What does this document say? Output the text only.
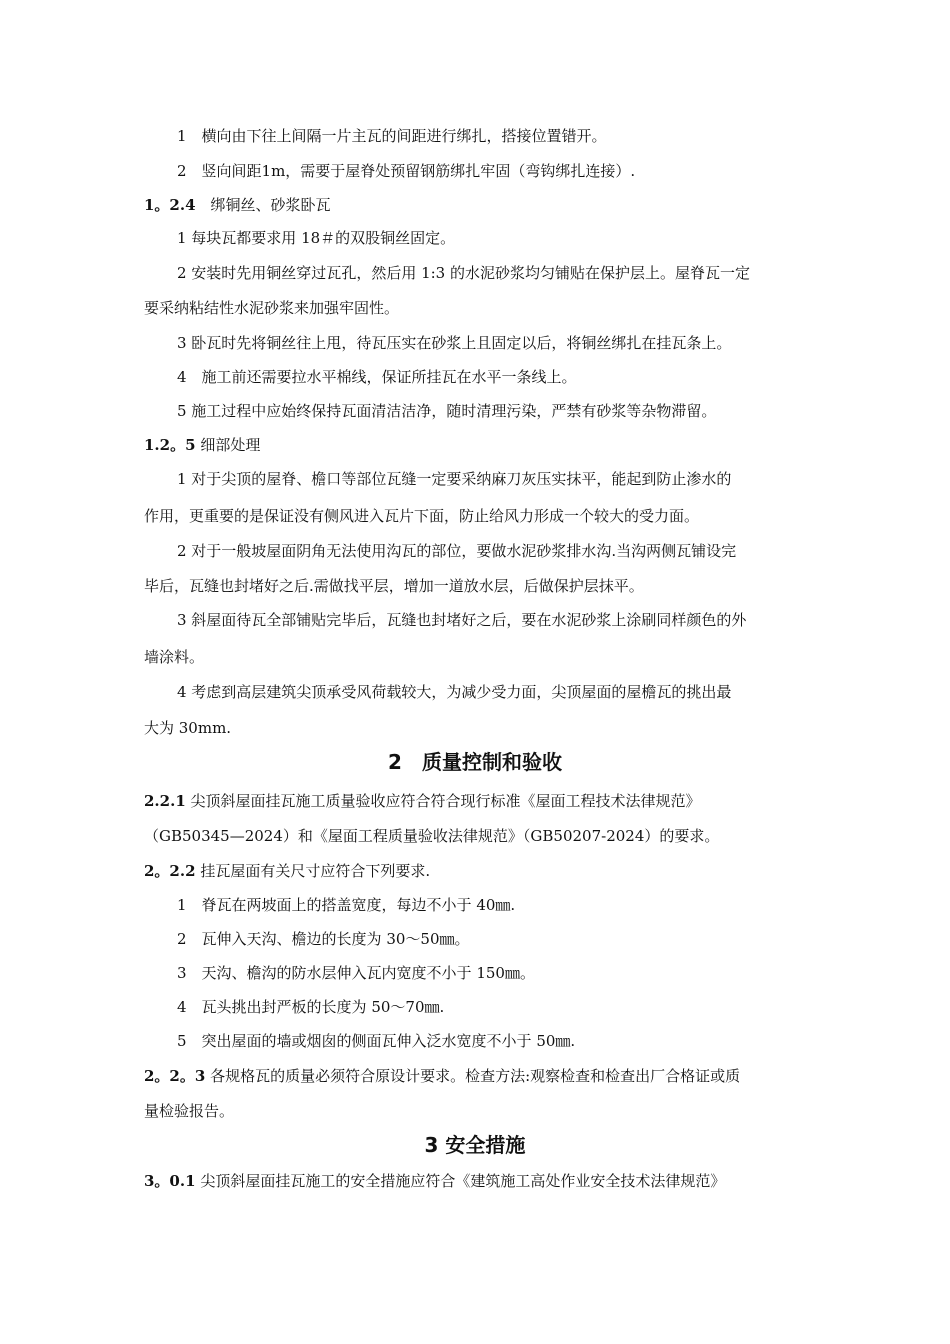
1　横向由下往上间隔一片主瓦的间距进行绑扎，搭接位置错开。
2　竖向间距1m，需要于屋脊处预留钢筋绑扎牢固（弯钩绑扎连接）.
1。2.4　绑铜丝、砂浆卧瓦
1 每块瓦都要求用 18＃的双股铜丝固定。
2 安装时先用铜丝穿过瓦孔，然后用 1:3 的水泥砂浆均匀铺贴在保护层上。屋脊瓦一定
要采纳粘结性水泥砂浆来加强牢固性。
3 卧瓦时先将铜丝往上甩，待瓦压实在砂浆上且固定以后，将铜丝绑扎在挂瓦条上。
4　施工前还需要拉水平棉线，保证所挂瓦在水平一条线上。
5 施工过程中应始终保持瓦面清洁洁净，随时清理污染，严禁有砂浆等杂物滞留。
1.2。5 细部处理
1 对于尖顶的屋脊、檐口等部位瓦缝一定要采纳麻刀灰压实抹平，能起到防止渗水的
作用，更重要的是保证没有侧风进入瓦片下面，防止给风力形成一个较大的受力面。
2 对于一般坡屋面阴角无法使用沟瓦的部位，要做水泥砂浆排水沟.当沟两侧瓦铺设完
毕后，瓦缝也封堵好之后.需做找平层，增加一道放水层，后做保护层抹平。
3 斜屋面待瓦全部铺贴完毕后，瓦缝也封堵好之后，要在水泥砂浆上涂刷同样颜色的外
墙涂料。
4 考虑到高层建筑尖顶承受风荷载较大，为减少受力面，尖顶屋面的屋檐瓦的挑出最
大为 30mm.
2　质量控制和验收
2.2.1 尖顶斜屋面挂瓦施工质量验收应符合符合现行标准《屋面工程技术法律规范》
（GB50345—2024）和《屋面工程质量验收法律规范》（GB50207-2024）的要求。
2。2.2 挂瓦屋面有关尺寸应符合下列要求.
1　脊瓦在两坡面上的搭盖宽度，每边不小于 40㎜.
2　瓦伸入天沟、檐边的长度为 30～50㎜。
3　天沟、檐沟的防水层伸入瓦内宽度不小于 150㎜。
4　瓦头挑出封严板的长度为 50～70㎜.
5　突出屋面的墙或烟囱的侧面瓦伸入泛水宽度不小于 50㎜.
2。2。3 各规格瓦的质量必须符合原设计要求。检查方法:观察检查和检查出厂合格证或质
量检验报告。
3 安全措施
3。0.1 尖顶斜屋面挂瓦施工的安全措施应符合《建筑施工高处作业安全技术法律规范》
